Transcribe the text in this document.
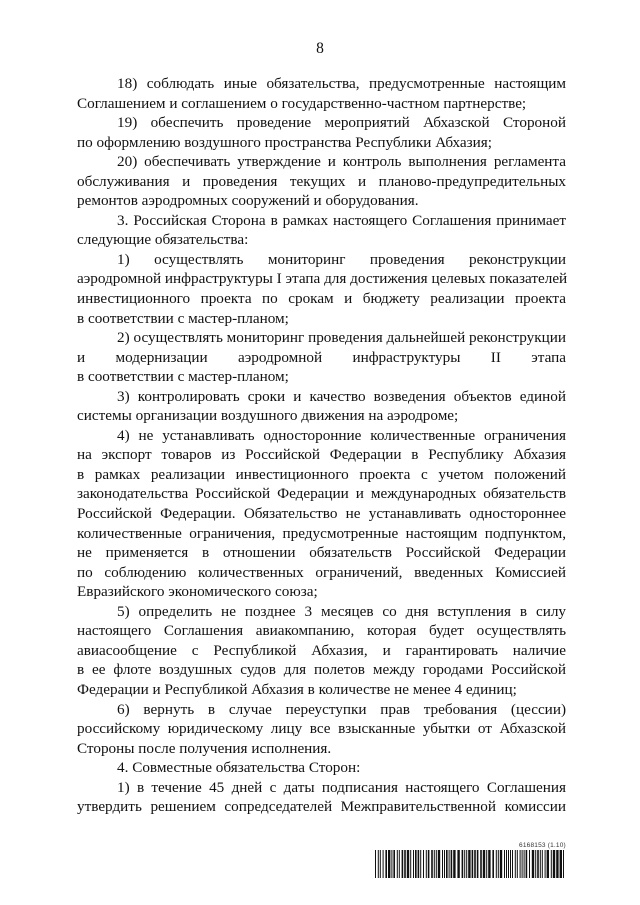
8
18) соблюдать иные обязательства, предусмотренные настоящим
Соглашением и соглашением о государственно-частном партнерстве;
19) обеспечить проведение мероприятий Абхазской Стороной
по оформлению воздушного пространства Республики Абхазия;
20) обеспечивать утверждение и контроль выполнения регламента
обслуживания и проведения текущих и планово-предупредительных
ремонтов аэродромных сооружений и оборудования.
3. Российская Сторона в рамках настоящего Соглашения принимает
следующие обязательства:
1) осуществлять мониторинг проведения реконструкции
аэродромной инфраструктуры I этапа для достижения целевых показателей
инвестиционного проекта по срокам и бюджету реализации проекта
в соответствии с мастер-планом;
2) осуществлять мониторинг проведения дальнейшей реконструкции
и модернизации аэродромной инфраструктуры II этапа
в соответствии с мастер-планом;
3) контролировать сроки и качество возведения объектов единой
системы организации воздушного движения на аэродроме;
4) не устанавливать односторонние количественные ограничения
на экспорт товаров из Российской Федерации в Республику Абхазия
в рамках реализации инвестиционного проекта с учетом положений
законодательства Российской Федерации и международных обязательств
Российской Федерации. Обязательство не устанавливать одностороннее
количественные ограничения, предусмотренные настоящим подпунктом,
не применяется в отношении обязательств Российской Федерации
по соблюдению количественных ограничений, введенных Комиссией
Евразийского экономического союза;
5) определить не позднее 3 месяцев со дня вступления в силу
настоящего Соглашения авиакомпанию, которая будет осуществлять
авиасообщение с Республикой Абхазия, и гарантировать наличие
в ее флоте воздушных судов для полетов между городами Российской
Федерации и Республикой Абхазия в количестве не менее 4 единиц;
6) вернуть в случае переуступки прав требования (цессии)
российскому юридическому лицу все взысканные убытки от Абхазской
Стороны после получения исполнения.
4. Совместные обязательства Сторон:
1) в течение 45 дней с даты подписания настоящего Соглашения
утвердить решением сопредседателей Межправительственной комиссии
6168153 (1.10)
